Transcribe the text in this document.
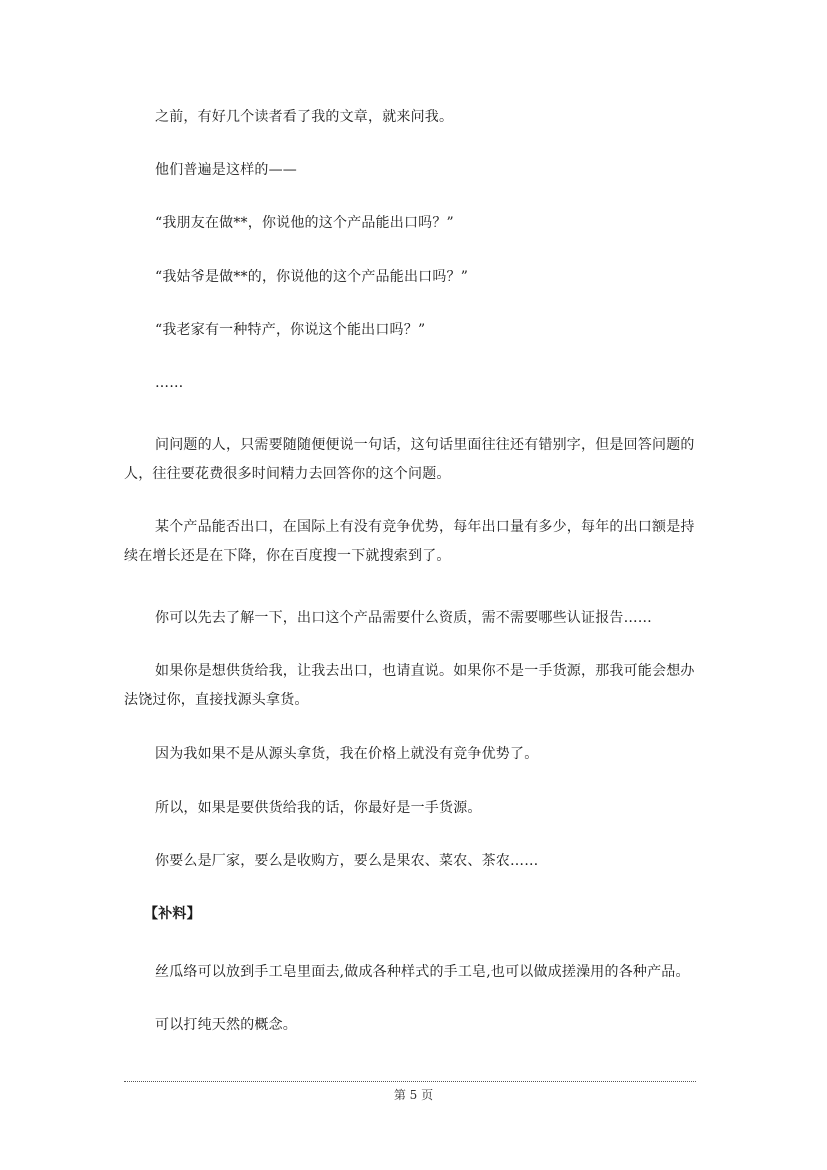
之前，有好几个读者看了我的文章，就来问我。

他们普遍是这样的——

“我朋友在做**，你说他的这个产品能出口吗？”

“我姑爷是做**的，你说他的这个产品能出口吗？”

“我老家有一种特产，你说这个能出口吗？”

……

问问题的人，只需要随随便便说一句话，这句话里面往往还有错别字，但是回答问题的人，往往要花费很多时间精力去回答你的这个问题。

某个产品能否出口，在国际上有没有竞争优势，每年出口量有多少，每年的出口额是持续在增长还是在下降，你在百度搜一下就搜索到了。

你可以先去了解一下，出口这个产品需要什么资质，需不需要哪些认证报告……

如果你是想供货给我，让我去出口，也请直说。如果你不是一手货源，那我可能会想办法饶过你，直接找源头拿货。

因为我如果不是从源头拿货，我在价格上就没有竞争优势了。

所以，如果是要供货给我的话，你最好是一手货源。

你要么是厂家，要么是收购方，要么是果农、菜农、茶农……

【补料】

丝瓜络可以放到手工皂里面去,做成各种样式的手工皂,也可以做成搓澡用的各种产品。

可以打纯天然的概念。

第 5 页
